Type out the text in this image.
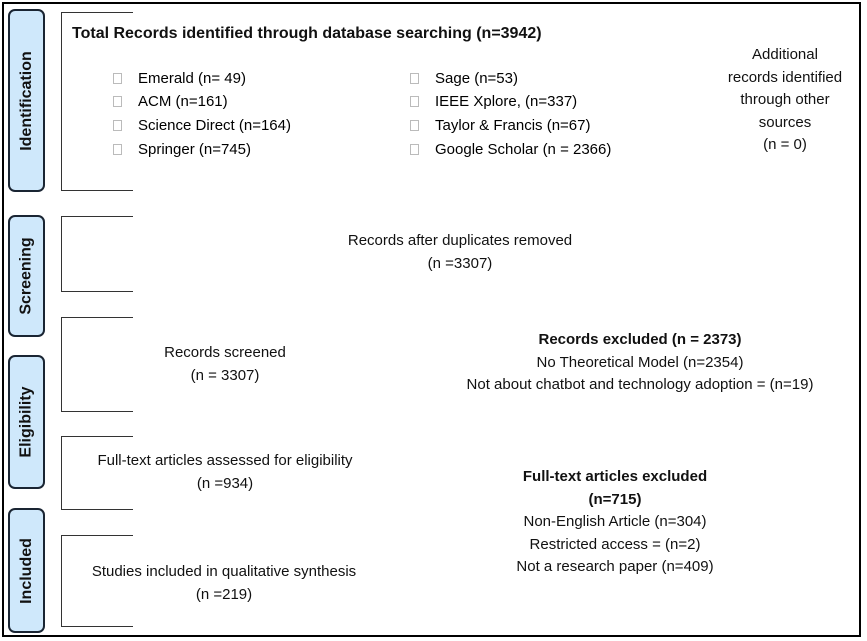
Identification
Screening
Eligibility
Included
Total Records identified through database searching (n=3942)
Emerald (n= 49)
ACM (n=161)
Science Direct (n=164)
Springer (n=745)
Sage (n=53)
IEEE Xplore, (n=337)
Taylor & Francis (n=67)
Google Scholar (n = 2366)
Additional
records identified
through other
sources
(n = 0)
Records after duplicates removed
(n =3307)
Records screened
(n = 3307)
Records excluded (n = 2373)
No Theoretical Model (n=2354)
Not about chatbot and technology adoption = (n=19)
Full-text articles assessed for eligibility
(n =934)	Full-text articles excluded
(n=715)
Non-English Article (n=304)
Restricted access = (n=2)
Not a research paper (n=409)
Studies included in qualitative synthesis
(n =219)
